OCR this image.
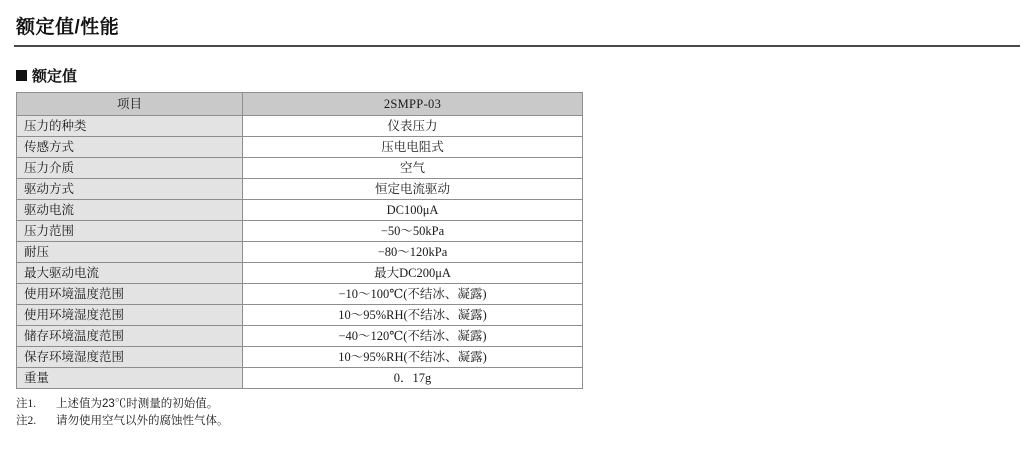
额定值/性能
额定值
项目	2SMPP-03
压力的种类	仪表压力
传感方式	压电电阻式
压力介质	空气
驱动方式	恒定电流驱动
驱动电流	DC100μA
压力范围	−50〜50kPa
耐压	−80〜120kPa
最大驱动电流	最大DC200μA
使用环境温度范围	−10〜100℃(不结冰、凝露)
使用环境湿度范围	10〜95%RH(不结冰、凝露)
储存环境温度范围	−40〜120℃(不结冰、凝露)
保存环境湿度范围	10〜95%RH(不结冰、凝露)
重量	0．17g
注1.	上述值为23℃时测量的初始值。
注2.	请勿使用空气以外的腐蚀性气体。
